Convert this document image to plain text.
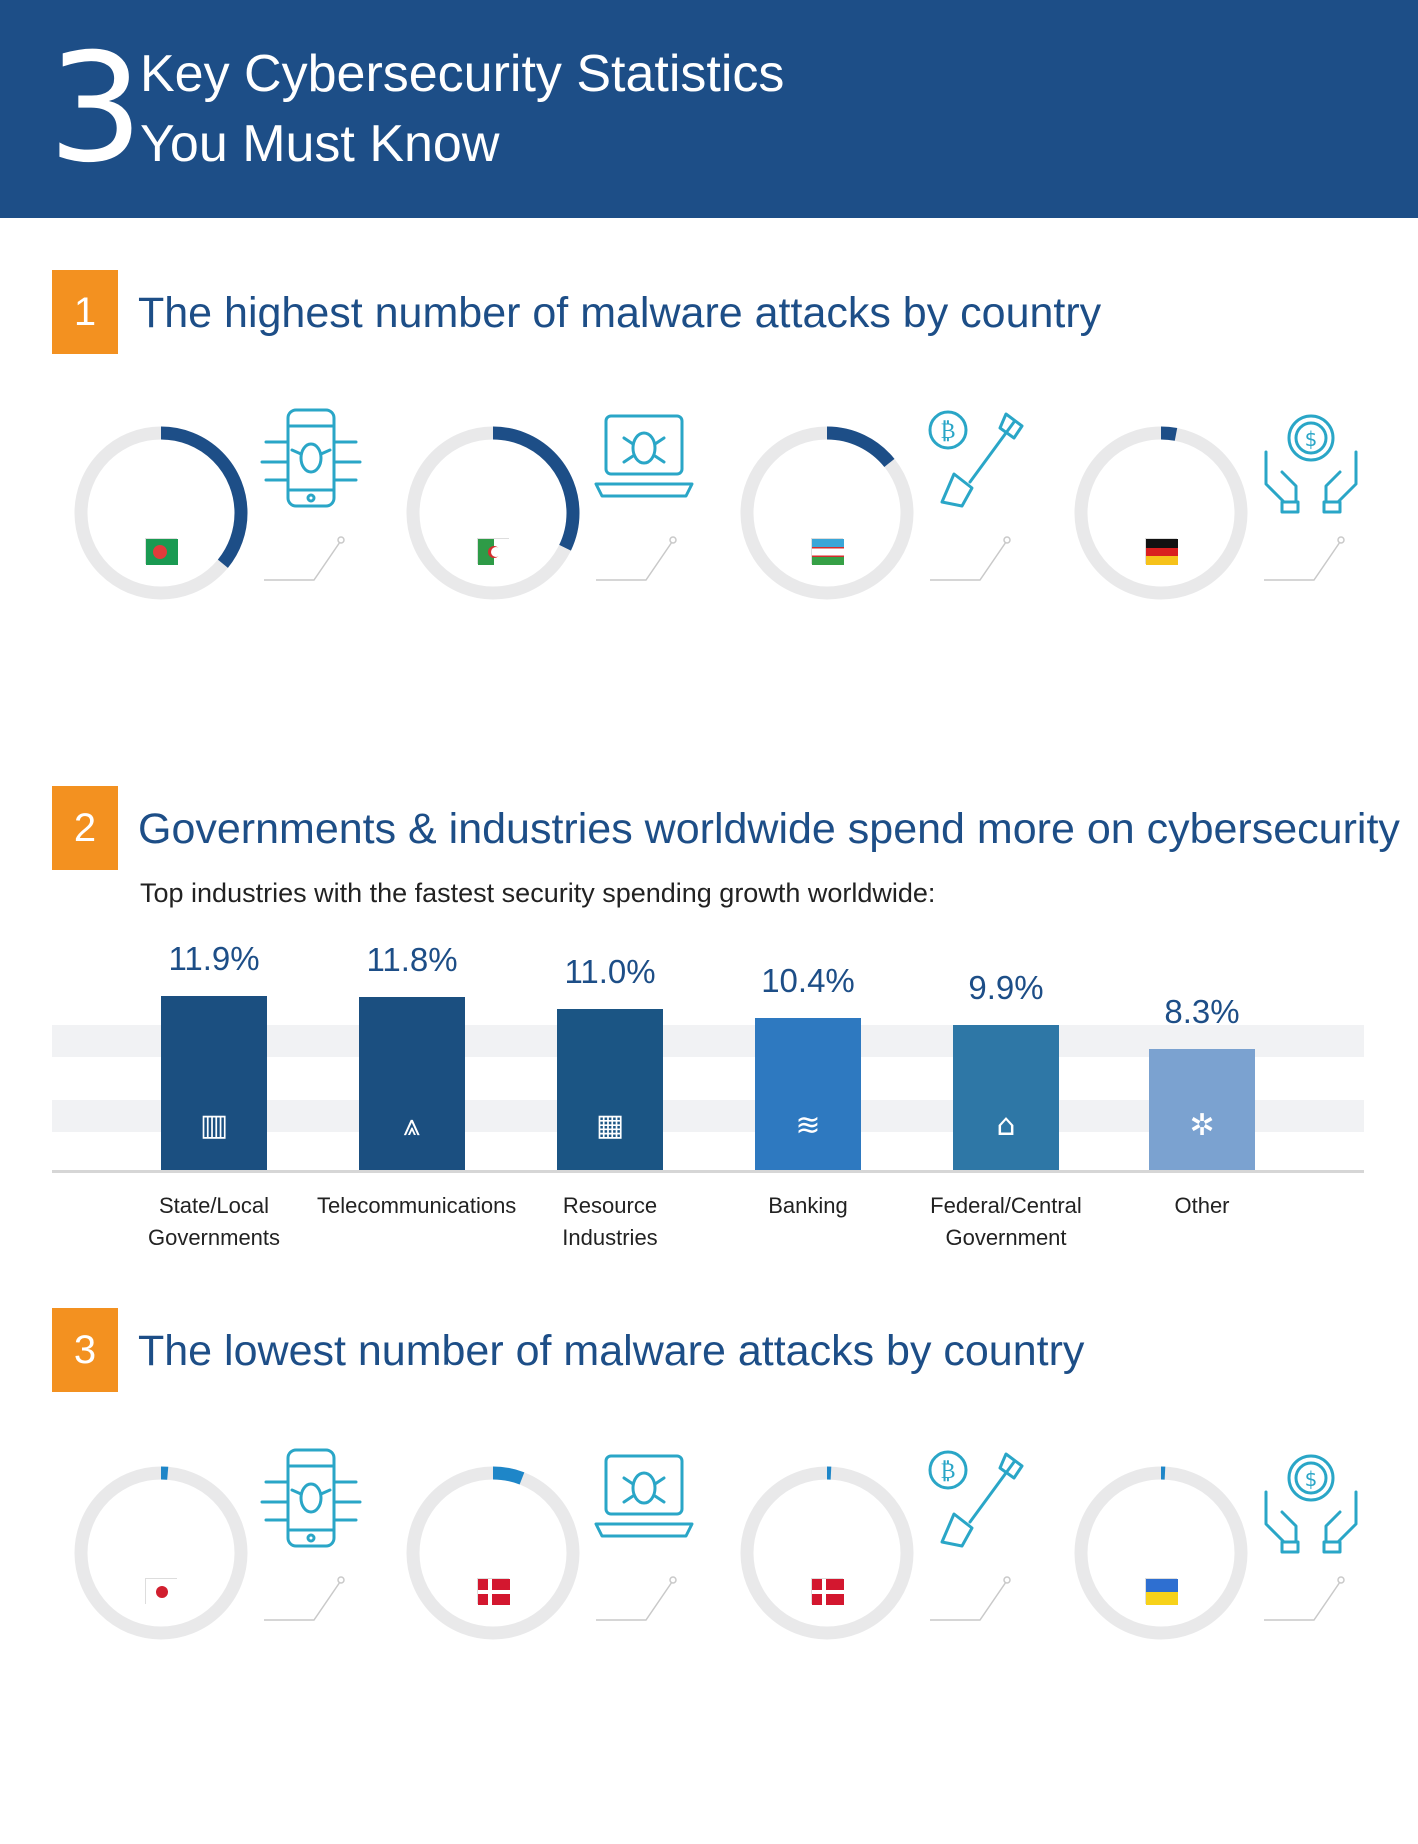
3
Key Cybersecurity Statistics
You Must Know
1 The highest number of malware attacks by country

₿	$

2 Governments & industries worldwide spend more on cybersecurity
Top industries with the fastest security spending growth worldwide:
▥
11.9%
State/Local
Governments
⩓
11.8%
Telecommunications
▦
11.0%
Resource
Industries
≋
10.4%
Banking
⌂
9.9%
Federal/Central
Government
✲
8.3%
Other
3 The lowest number of malware attacks by country

₿	$
